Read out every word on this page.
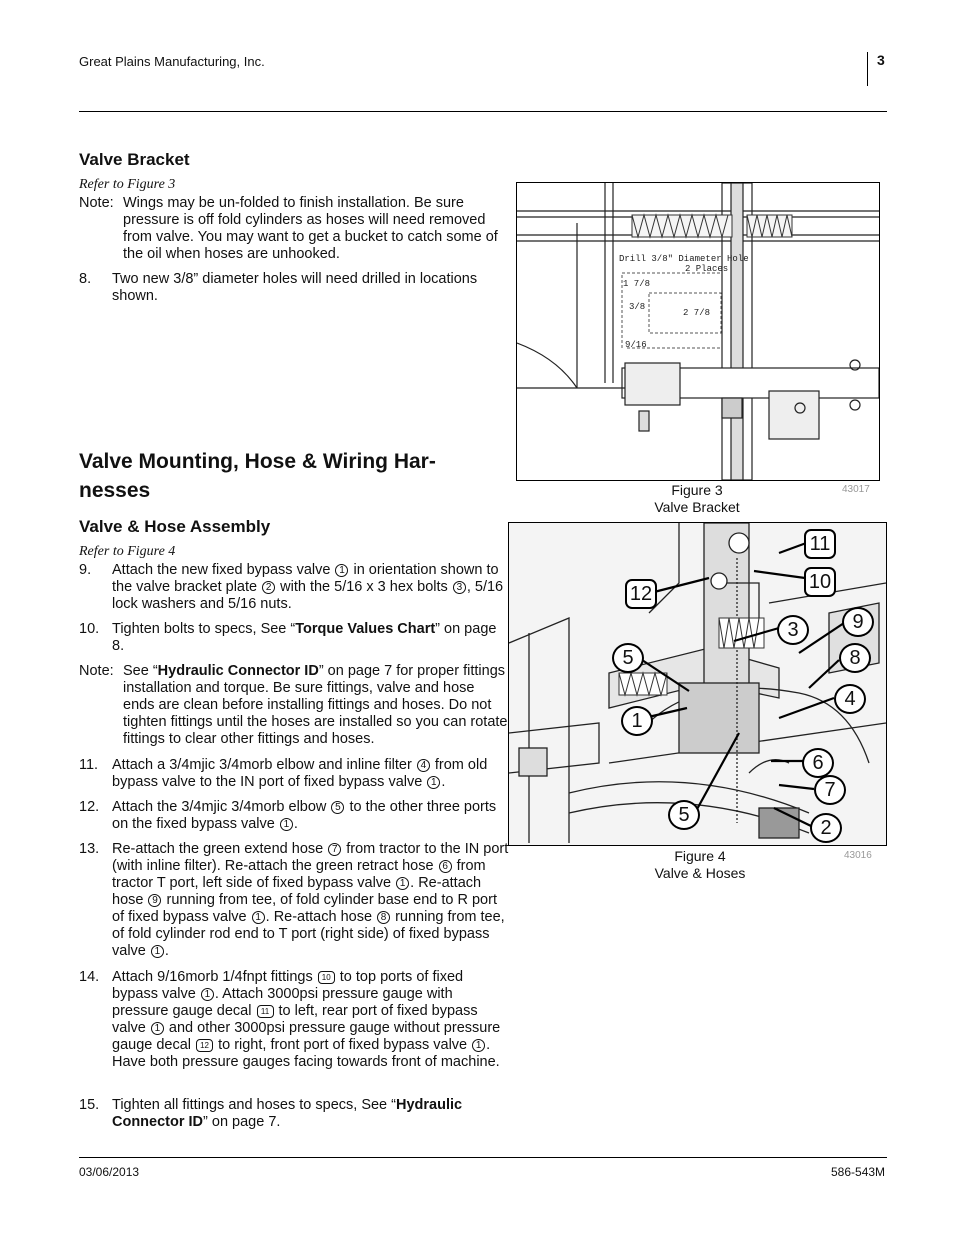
Great Plains Manufacturing, Inc.	3
Valve Bracket
Refer to Figure 3
Note: Wings may be un-folded to finish installation. Be sure pressure is off fold cylinders as hoses will need removed from valve. You may want to get a bucket to catch some of the oil when hoses are unhooked.
8.	Two new 3/8” diameter holes will need drilled in locations shown.
Drill 3/8" Diameter Hole
2 Places
1 7/8
3/8
2 7/8
9/16
Figure 3
Valve Bracket
43017
Valve Mounting, Hose & Wiring Har-
nesses
Valve & Hose Assembly
Refer to Figure 4
9.	Attach the new fixed bypass valve 1 in orientation shown to the valve bracket plate 2 with the 5/16 x 3 hex bolts 3 , 5/16 lock washers and 5/16 nuts.
10. Tighten bolts to specs, See “Torque Values Chart” on page 8.
Note: See “Hydraulic Connector ID” on page 7 for proper fittings installation and torque. Be sure fittings, valve and hose ends are clean before installing fittings and hoses. Do not tighten fittings until the hoses are installed so you can rotate fittings to clear other fittings and hoses.
11. Attach a 3/4mjic 3/4morb elbow and inline filter 4 from old bypass valve to the IN port of fixed bypass valve 1 .
12. Attach the 3/4mjic 3/4morb elbow 5 to the other three ports on the fixed bypass valve 1 .
13. Re-attach the green extend hose 7 from tractor to the IN port (with inline filter). Re-attach the green retract hose 6 from tractor T port, left side of fixed bypass valve 1 . Re-attach hose 9 running from tee, of fold cylinder base end to R port of fixed bypass valve 1 . Re-attach hose 8 running from tee, of fold cylinder rod end to T port (right side) of fixed bypass valve 1 .
14. Attach 9/16morb 1/4fnpt fittings 10 to top ports of fixed bypass valve 1 . Attach 3000psi pressure gauge with pressure gauge decal 11 to left, rear port of fixed bypass valve 1 and other 3000psi pressure gauge without pressure gauge decal 12 to right, front port of fixed bypass valve 1 . Have both pressure gauges facing towards front of machine.
15. Tighten all fittings and hoses to specs, See “Hydraulic Connector ID” on page 7.
11
12
10
3	9
5	8
4
1
6
7
5
2
Figure 4
Valve & Hoses
43016
03/06/2013	586-543M
